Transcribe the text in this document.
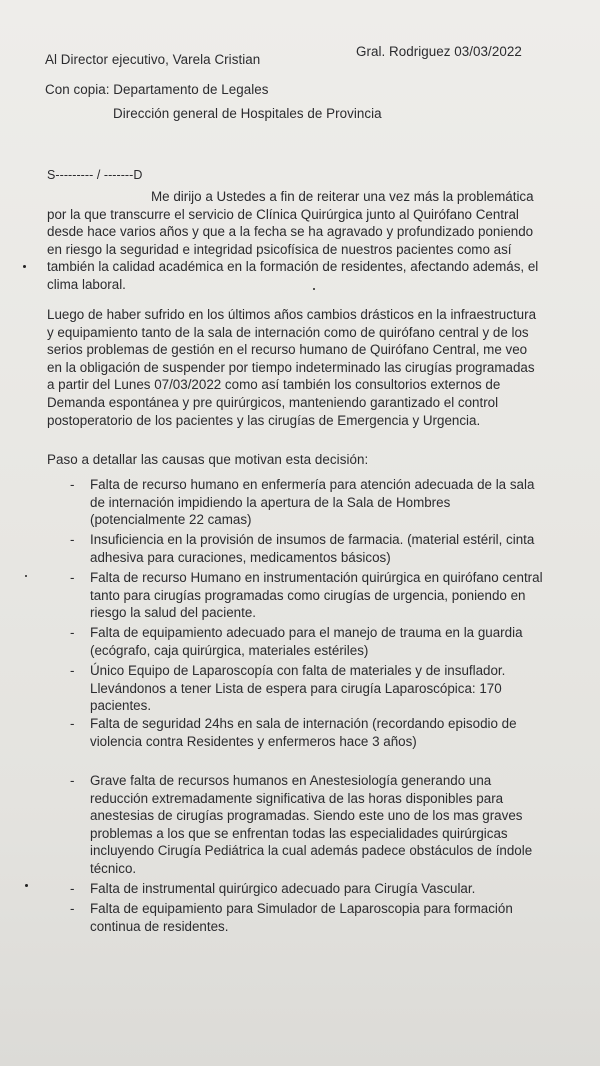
Al Director ejecutivo, Varela Cristian
Gral. Rodriguez 03/03/2022
Con copia: Departamento de Legales
Dirección general de Hospitales de Provincia
S--------- / -------D
Me dirijo a Ustedes a fin de reiterar una vez más la problemática
por la que transcurre el servicio de Clínica Quirúrgica junto al Quirófano Central
desde hace varios años y que a la fecha se ha agravado y profundizado poniendo
en riesgo la seguridad e integridad psicofísica de nuestros pacientes como así
también la calidad académica en la formación de residentes, afectando además, el
clima laboral.
Luego de haber sufrido en los últimos años cambios drásticos en la infraestructura
y equipamiento tanto de la sala de internación como de quirófano central y de los
serios problemas de gestión en el recurso humano de Quirófano Central, me veo
en la obligación de suspender por tiempo indeterminado las cirugías programadas
a partir del Lunes 07/03/2022 como así también los consultorios externos de
Demanda espontánea y pre quirúrgicos, manteniendo garantizado el control
postoperatorio de los pacientes y las cirugías de Emergencia y Urgencia.
Paso a detallar las causas que motivan esta decisión:
-	Falta de recurso humano en enfermería para atención adecuada de la sala
de internación impidiendo la apertura de la Sala de Hombres
(potencialmente 22 camas)
-	Insuficiencia en la provisión de insumos de farmacia. (material estéril, cinta
adhesiva para curaciones, medicamentos básicos)
-	Falta de recurso Humano en instrumentación quirúrgica en quirófano central
tanto para cirugías programadas como cirugías de urgencia, poniendo en
riesgo la salud del paciente.
-	Falta de equipamiento adecuado para el manejo de trauma en la guardia
(ecógrafo, caja quirúrgica, materiales estériles)
-	Único Equipo de Laparoscopía con falta de materiales y de insuflador.
Llevándonos a tener Lista de espera para cirugía Laparoscópica: 170
pacientes.
-	Falta de seguridad 24hs en sala de internación (recordando episodio de
violencia contra Residentes y enfermeros hace 3 años)
-	Grave falta de recursos humanos en Anestesiología generando una
reducción extremadamente significativa de las horas disponibles para
anestesias de cirugías programadas. Siendo este uno de los mas graves
problemas a los que se enfrentan todas las especialidades quirúrgicas
incluyendo Cirugía Pediátrica la cual además padece obstáculos de índole
técnico.
-	Falta de instrumental quirúrgico adecuado para Cirugía Vascular.
-	Falta de equipamiento para Simulador de Laparoscopia para formación
continua de residentes.
